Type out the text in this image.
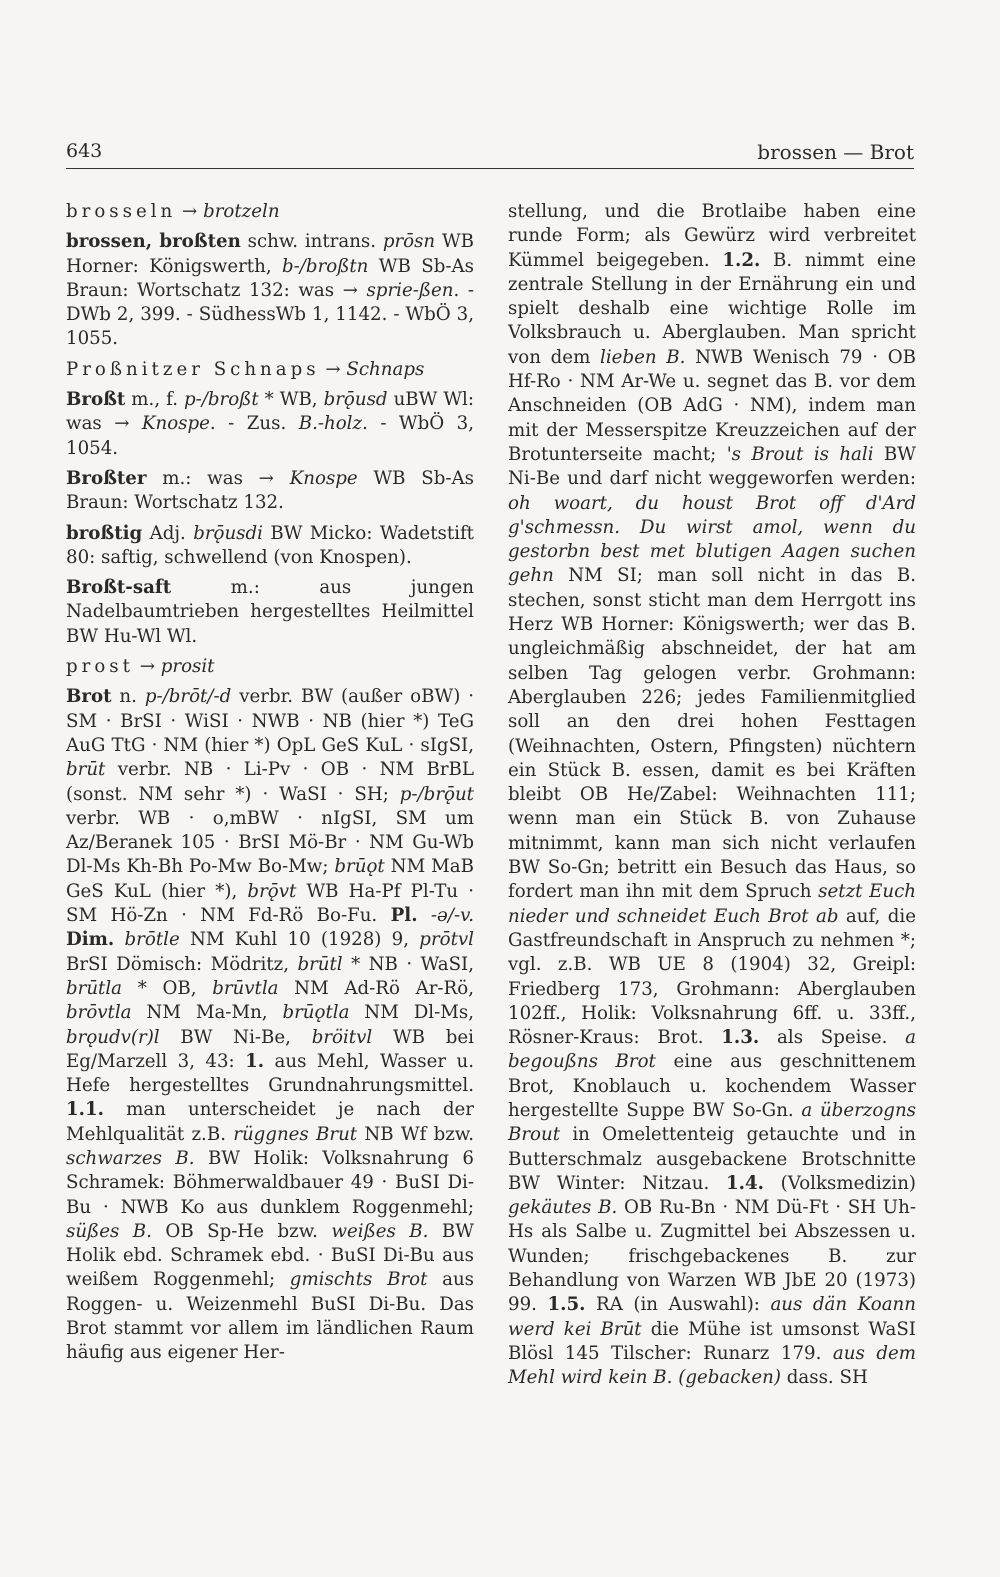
643	brossen — Brot

brosseln → brotzeln

brossen, broßten schw. intrans. prōsn WB Horner: Königswerth, b-/broßtn WB Sb-As Braun: Wortschatz 132: was → sprie-ßen. - DWb 2, 399. - SüdhessWb 1, 1142. - WbÖ 3, 1055.

Proßnitzer Schnaps → Schnaps

Broßt m., f. p-/broßt * WB, brǭusd uBW Wl: was → Knospe. - Zus. B.-holz. - WbÖ 3, 1054.

Broßter m.: was → Knospe WB Sb-As Braun: Wortschatz 132.

broßtig Adj. brǭusdi BW Micko: Wadetstift 80: saftig, schwellend (von Knospen).

Broßt-saft m.: aus jungen Nadelbaumtrieben hergestelltes Heilmittel BW Hu-Wl Wl.

prost → prosit

Brot n. p-/brōt/-d verbr. BW (außer oBW) · SM · BrSI · WiSI · NWB · NB (hier *) TeG AuG TtG · NM (hier *) OpL GeS KuL · sIgSI, brūt verbr. NB · Li-Pv · OB · NM BrBL (sonst. NM sehr *) · WaSI · SH; p-/brǭut verbr. WB · o,mBW · nIgSI, SM um Az/Beranek 105 · BrSI Mö-Br · NM Gu-Wb Dl-Ms Kh-Bh Po-Mw Bo-Mw; brūǫt NM MaB GeS KuL (hier *), brǭvt WB Ha-Pf Pl-Tu · SM Hö-Zn · NM Fd-Rö Bo-Fu. Pl. -ə/-v. Dim. brōtle NM Kuhl 10 (1928) 9, prōtvl BrSI Dömisch: Mödritz, brūtl * NB · WaSI, brūtla * OB, brūvtla NM Ad-Rö Ar-Rö, brōvtla NM Ma-Mn, brūǫtla NM Dl-Ms, brǫudv(r)l BW Ni-Be, bröitvl WB bei Eg/Marzell 3, 43: 1. aus Mehl, Wasser u. Hefe hergestelltes Grundnahrungsmittel. 1.1. man unterscheidet je nach der Mehlqualität z.B. rüggnes Brut NB Wf bzw. schwarzes B. BW Holik: Volksnahrung 6 Schramek: Böhmerwaldbauer 49 · BuSI Di-Bu · NWB Ko aus dunklem Roggenmehl; süßes B. OB Sp-He bzw. weißes B. BW Holik ebd. Schramek ebd. · BuSI Di-Bu aus weißem Roggenmehl; gmischts Brot aus Roggen- u. Weizenmehl BuSI Di-Bu. Das Brot stammt vor allem im ländlichen Raum häufig aus eigener Her-

stellung, und die Brotlaibe haben eine runde Form; als Gewürz wird verbreitet Kümmel beigegeben. 1.2. B. nimmt eine zentrale Stellung in der Ernährung ein und spielt deshalb eine wichtige Rolle im Volksbrauch u. Aberglauben. Man spricht von dem lieben B. NWB Wenisch 79 · OB Hf-Ro · NM Ar-We u. segnet das B. vor dem Anschneiden (OB AdG · NM), indem man mit der Messerspitze Kreuzzeichen auf der Brotunterseite macht; 's Brout is hali BW Ni-Be und darf nicht weggeworfen werden: oh woart, du houst Brot off d'Ard g'schmessn. Du wirst amol, wenn du gestorbn best met blutigen Aagen suchen gehn NM SI; man soll nicht in das B. stechen, sonst sticht man dem Herrgott ins Herz WB Horner: Königswerth; wer das B. ungleichmäßig abschneidet, der hat am selben Tag gelogen verbr. Grohmann: Aberglauben 226; jedes Familienmitglied soll an den drei hohen Festtagen (Weihnachten, Ostern, Pfingsten) nüchtern ein Stück B. essen, damit es bei Kräften bleibt OB He/Zabel: Weihnachten 111; wenn man ein Stück B. von Zuhause mitnimmt, kann man sich nicht verlaufen BW So-Gn; betritt ein Besuch das Haus, so fordert man ihn mit dem Spruch setzt Euch nieder und schneidet Euch Brot ab auf, die Gastfreundschaft in Anspruch zu nehmen *; vgl. z.B. WB UE 8 (1904) 32, Greipl: Friedberg 173, Grohmann: Aberglauben 102ff., Holik: Volksnahrung 6ff. u. 33ff., Rösner-Kraus: Brot. 1.3. als Speise. a begoußns Brot eine aus geschnittenem Brot, Knoblauch u. kochendem Wasser hergestellte Suppe BW So-Gn. a überzogns Brout in Omelettenteig getauchte und in Butterschmalz ausgebackene Brotschnitte BW Winter: Nitzau. 1.4. (Volksmedizin) gekäutes B. OB Ru-Bn · NM Dü-Ft · SH Uh-Hs als Salbe u. Zugmittel bei Abszessen u. Wunden; frischgebackenes B. zur Behandlung von Warzen WB JbE 20 (1973) 99. 1.5. RA (in Auswahl): aus dän Koann werd kei Brūt die Mühe ist umsonst WaSI Blösl 145 Tilscher: Runarz 179. aus dem Mehl wird kein B. (gebacken) dass. SH
